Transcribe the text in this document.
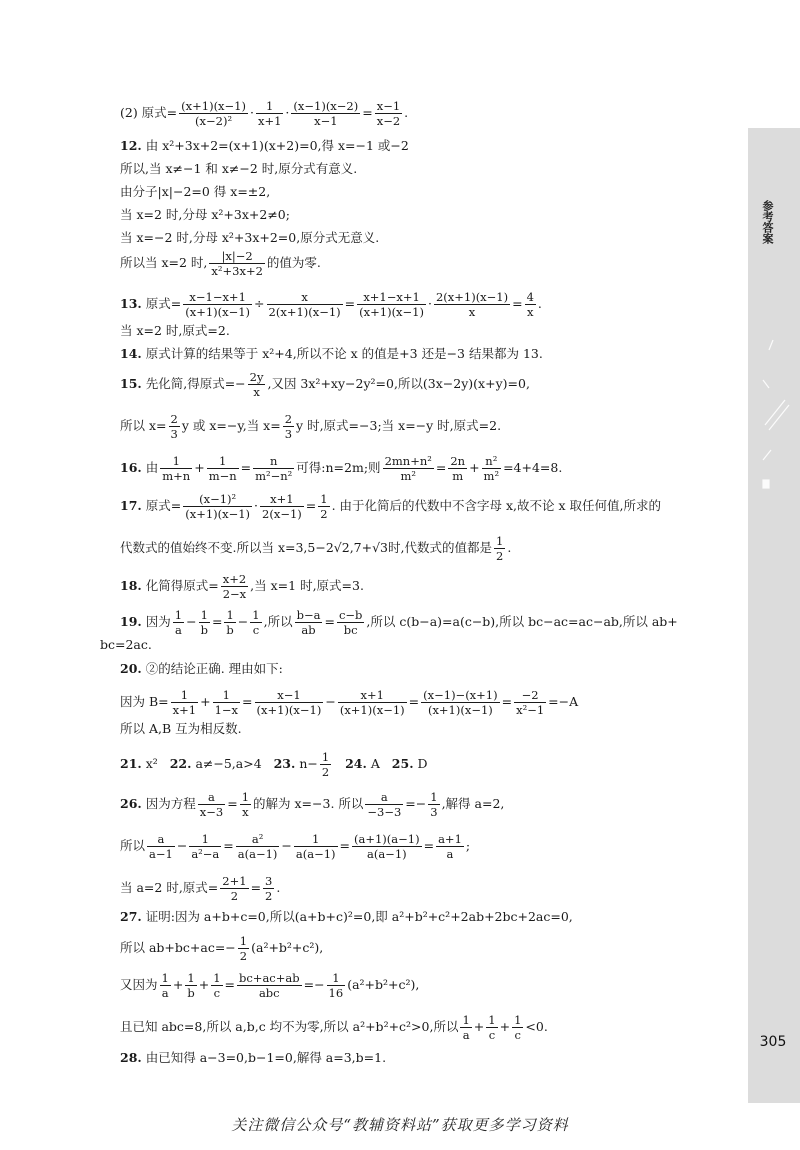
参考答案
305
关注微信公众号“教辅资料站”获取更多学习资料
(2) 原式= $\frac{(x+1)(x-1)}{\text{(x−2)²}} \cdot \frac{1}{x+1} \cdot \frac{(x-1)(x-2)}{x-1} = \frac{x-1}{x-2}$ .
12. 由 x²+3x+2=(x+1)(x+2)=0,得 x=−1 或−2
所以,当 x≠−1 和 x≠−2 时,原分式有意义.
由分子|x|−2=0 得 x=±2,
当 x=2 时,分母 x²+3x+2≠0;
当 x=−2 时,分母 x²+3x+2=0,原分式无意义.
所以当 x=2 时, $\frac{|x|-2}{\text{x²+3x+2}}$ 的值为零.
13. 原式= $\frac{x-1-x+1}{(x+1)(x-1)} \div \frac{x}{2(x+1)(x-1)} = \frac{x+1-x+1}{(x+1)(x-1)} \cdot \frac{2(x+1)(x-1)}{x} = \frac{4}{x}$ .
当 x=2 时,原式=2.
14. 原式计算的结果等于 x²+4,所以不论 x 的值是+3 还是−3 结果都为 13.
15. 先化简,得原式=− $\frac{2y}{x}$ ,又因 3x²+xy−2y²=0,所以(3x−2y)(x+y)=0,
所以 $x= \frac{2}{3}$ y 或 x=−y,当 $x= \frac{2}{3}$ y 时,原式=−3;当 x=−y 时,原式=2.
16. 由 $\frac{1}{m+n} + \frac{1}{m-n} = \frac{n}{\text{m²−n²}}$ 可得:n=2m;则 $\frac{\text{2mn+n²}}{\text{m²}} = \frac{2n}{m} + \frac{\text{n²}}{\text{m²}} =4+4=8$.
17. 原式= $\frac{\text{(x−1)²}}{(x+1)(x-1)} \cdot \frac{x+1}{2(x-1)} = \frac{1}{2}$ . 由于化简后的代数中不含字母 x,故不论 x 取任何值,所求的
代数式的值始终不变.所以当 x=3,5−2√2,7+√3时,代数式的值都是 $\frac{1}{2}$ .
18. 化简得原式= $\frac{x+2}{2-x}$ ,当 x=1 时,原式=3.
19. 因为 $\frac{1}{a} - \frac{1}{b} = \frac{1}{b} - \frac{1}{c}$ ,所以 $\frac{b-a}{ab} = \frac{c-b}{bc}$ ,所以 c(b−a)=a(c−b),所以 bc−ac=ac−ab,所以 ab+
bc=2ac.
20. ②的结论正确. 理由如下:
因为 $B= \frac{1}{x+1} + \frac{1}{1-x} = \frac{x-1}{(x+1)(x-1)} - \frac{x+1}{(x+1)(x-1)} = \frac{(x-1)-(x+1)}{(x+1)(x-1)} = \frac{-2}{\text{x²−1}} =-A$
所以 A,B 互为相反数.
21. x² 22. a≠−5,a>4 23. $n- \frac{1}{2} 24$. A 25. D
26. 因为方程 $\frac{a}{x-3} = \frac{1}{x}$ 的解为 x=−3. 所以 $\frac{a}{-3-3} =- \frac{1}{3}$ ,解得 a=2,
所以 $\frac{a}{a-1} - \frac{1}{\text{a²−a}} = \frac{\text{a²}}{a(a-1)} - \frac{1}{a(a-1)} = \frac{(a+1)(a-1)}{a(a-1)} = \frac{a+1}{a}$ ;
当 a=2 时,原式= $\frac{2+1}{2} = \frac{3}{2}$ .
27. 证明:因为 a+b+c=0,所以(a+b+c)²=0,即 a²+b²+c²+2ab+2bc+2ac=0,
所以 $ab+bc+ac=- \frac{1}{2} (a^2+b^2+c^2)$,
又因为 $\frac{1}{a} + \frac{1}{b} + \frac{1}{c} = bc+ac+ab$
abc
=− $\frac{1}{16} (a^2+b^2+c^2)$,
且已知 abc=8,所以 a,b,c 均不为零,所以 a²+b²+c²>0,所以 $\frac{1}{a} + \frac{1}{c} + \frac{1}{c} <0$.
28. 由已知得 a−3=0,b−1=0,解得 a=3,b=1.
